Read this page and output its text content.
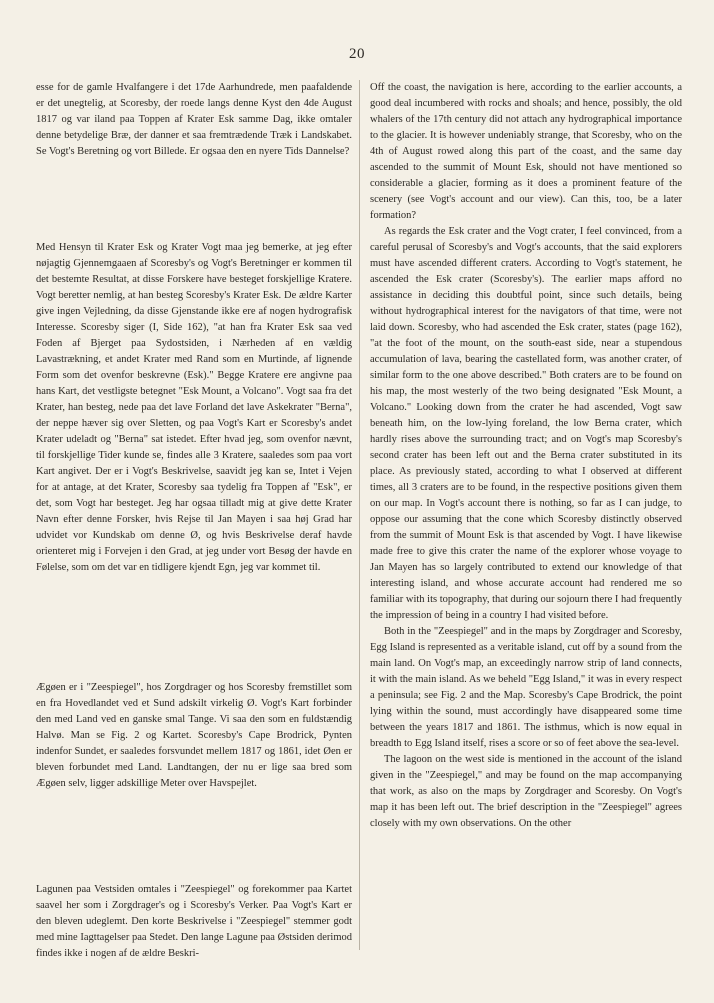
20

esse for de gamle Hvalfangere i det 17de Aarhundrede, men paafaldende er det unegtelig, at Scoresby, der roede langs denne Kyst den 4de August 1817 og var iland paa Toppen af Krater Esk samme Dag, ikke omtaler denne betydelige Bræ, der danner et saa fremtrædende Træk i Landskabet. Se Vogt's Beretning og vort Billede. Er ogsaa den en nyere Tids Dannelse?

Med Hensyn til Krater Esk og Krater Vogt maa jeg bemerke, at jeg efter nøjagtig Gjennemgaaen af Scoresby's og Vogt's Beretninger er kommen til det bestemte Resultat, at disse Forskere have besteget forskjellige Kratere. Vogt beretter nemlig, at han besteg Scoresby's Krater Esk. De ældre Karter give ingen Vejledning, da disse Gjenstande ikke ere af nogen hydrografisk Interesse. Scoresby siger (I, Side 162), "at han fra Krater Esk saa ved Foden af Bjerget paa Sydostsiden, i Nærheden af en vældig Lavastrækning, et andet Krater med Rand som en Murtinde, af lignende Form som det ovenfor beskrevne (Esk)." Begge Kratere ere angivne paa hans Kart, det vestligste betegnet "Esk Mount, a Volcano". Vogt saa fra det Krater, han besteg, nede paa det lave Forland det lave Askekrater "Berna", der neppe hæver sig over Sletten, og paa Vogt's Kart er Scoresby's andet Krater udeladt og "Berna" sat istedet. Efter hvad jeg, som ovenfor nævnt, til forskjellige Tider kunde se, findes alle 3 Kratere, saaledes som paa vort Kart angivet. Der er i Vogt's Beskrivelse, saavidt jeg kan se, Intet i Vejen for at antage, at det Krater, Scoresby saa tydelig fra Toppen af "Esk", er det, som Vogt har besteget. Jeg har ogsaa tilladt mig at give dette Krater Navn efter denne Forsker, hvis Rejse til Jan Mayen i saa høj Grad har udvidet vor Kundskab om denne Ø, og hvis Beskrivelse deraf havde orienteret mig i Forvejen i den Grad, at jeg under vort Besøg der havde en Følelse, som om det var en tidligere kjendt Egn, jeg var kommet til.

Ægøen er i "Zeespiegel", hos Zorgdrager og hos Scoresby fremstillet som en fra Hovedlandet ved et Sund adskilt virkelig Ø. Vogt's Kart forbinder den med Land ved en ganske smal Tange. Vi saa den som en fuldstændig Halvø. Man se Fig. 2 og Kartet. Scoresby's Cape Brodrick, Pynten indenfor Sundet, er saaledes forsvundet mellem 1817 og 1861, idet Øen er bleven forbundet med Land. Landtangen, der nu er lige saa bred som Ægøen selv, ligger adskillige Meter over Havspejlet.

Lagunen paa Vestsiden omtales i "Zeespiegel" og forekommer paa Kartet saavel her som i Zorgdrager's og i Scoresby's Verker. Paa Vogt's Kart er den bleven udeglemt. Den korte Beskrivelse i "Zeespiegel" stemmer godt med mine Iagttagelser paa Stedet. Den lange Lagune paa Østsiden derimod findes ikke i nogen af de ældre Beskri-

Off the coast, the navigation is here, according to the earlier accounts, a good deal incumbered with rocks and shoals; and hence, possibly, the old whalers of the 17th century did not attach any hydrographical importance to the glacier. It is however undeniably strange, that Scoresby, who on the 4th of August rowed along this part of the coast, and the same day ascended to the summit of Mount Esk, should not have mentioned so considerable a glacier, forming as it does a prominent feature of the scenery (see Vogt's account and our view). Can this, too, be a later formation?

As regards the Esk crater and the Vogt crater, I feel convinced, from a careful perusal of Scoresby's and Vogt's accounts, that the said explorers must have ascended different craters. According to Vogt's statement, he ascended the Esk crater (Scoresby's). The earlier maps afford no assistance in deciding this doubtful point, since such details, being without hydrographical interest for the navigators of that time, were not laid down. Scoresby, who had ascended the Esk crater, states (page 162), "at the foot of the mount, on the south-east side, near a stupendous accumulation of lava, bearing the castellated form, was another crater, of similar form to the one above described." Both craters are to be found on his map, the most westerly of the two being designated "Esk Mount, a Volcano." Looking down from the crater he had ascended, Vogt saw beneath him, on the low-lying foreland, the low Berna crater, which hardly rises above the surrounding tract; and on Vogt's map Scoresby's second crater has been left out and the Berna crater substituted in its place. As previously stated, according to what I observed at different times, all 3 craters are to be found, in the respective positions given them on our map. In Vogt's account there is nothing, so far as I can judge, to oppose our assuming that the cone which Scoresby distinctly observed from the summit of Mount Esk is that ascended by Vogt. I have likewise made free to give this crater the name of the explorer whose voyage to Jan Mayen has so largely contributed to extend our knowledge of that interesting island, and whose accurate account had rendered me so familiar with its topography, that during our sojourn there I had frequently the impression of being in a country I had visited before.

Both in the "Zeespiegel" and in the maps by Zorgdrager and Scoresby, Egg Island is represented as a veritable island, cut off by a sound from the main land. On Vogt's map, an exceedingly narrow strip of land connects, it with the main island. As we beheld "Egg Island," it was in every respect a peninsula; see Fig. 2 and the Map. Scoresby's Cape Brodrick, the point lying within the sound, must accordingly have disappeared some time between the years 1817 and 1861. The isthmus, which is now equal in breadth to Egg Island itself, rises a score or so of feet above the sea-level.

The lagoon on the west side is mentioned in the account of the island given in the "Zeespiegel," and may be found on the map accompanying that work, as also on the maps by Zorgdrager and Scoresby. On Vogt's map it has been left out. The brief description in the "Zeespiegel" agrees closely with my own observations. On the other
